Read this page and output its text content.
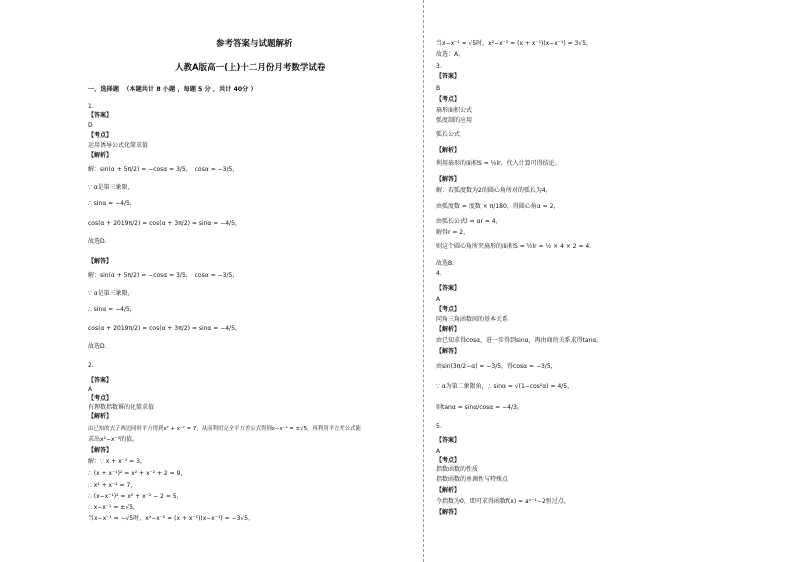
参考答案与试题解析
人教A版高一(上)十二月份月考数学试卷
一、选择题 （本题共计 8 小题 ，每题 5 分 ，共计 40分 ）
1.
【答案】
D
【考点】
运用诱导公式化简求值
【解析】
解：sin(α + 5π/2) = −cosα = 3/5，　cosα = −3/5，
∵ α是第三象限，
∴ sinα = −4/5，
cos(α + 2019π/2) = cos(α + 3π/2) = sinα = −4/5，
故选D.
【解答】
解：sin(α + 5π/2) = −cosα = 3/5，　cosα = −3/5，
∵ α是第三象限，
∴ sinα = −4/5，
cos(α + 2019π/2) = cos(α + 3π/2) = sinα = −4/5，
故选D.
2.
【答案】
A
【考点】
有理数指数幂的化简求值
【解析】
由已知的式子两边同时平方得到x² + x⁻² = 7，从而利用完全平方差公式得到x−x⁻¹ = ±√5，再利用平方差公式能
求出x²−x⁻²的值。
【解答】
解：∵ x + x⁻¹ = 3，
∴ (x + x⁻¹)² = x² + x⁻² + 2 = 9，
∴ x² + x⁻² = 7，
∴ (x−x⁻¹)² = x² + x⁻² − 2 = 5，
∴ x−x⁻¹ = ±√5，
当x−x⁻¹ = −√5时，x²−x⁻² = (x + x⁻¹)(x−x⁻¹) = −3√5，
当x−x⁻¹ = √5时，x²−x⁻² = (x + x⁻¹)(x−x⁻¹) = 3√5，
故选：A。
3.
【答案】
B
【考点】
扇形面积公式
弧度制的应用
弧长公式
【解析】
利用扇形的面积S = ½lr，代入计算可得结论。
【解答】
解：若弧度数为2的圆心角所对的弧长为4，
由弧度数 = 度数 × π/180，得圆心角α = 2，
由弧长公式l = αr = 4，
解得r = 2，
则这个圆心角所夹扇形的面积S = ½lr = ½ × 4 × 2 = 4.
故选B.
4.
【答案】
A
【考点】
同角三角函数间的基本关系
【解析】
由已知求得cosα，进一步得到sinα，再由商的关系求得tanα。
【解答】
由sin(3π/2−α) = −3/5，得cosα = −3/5，
∵ α为第二象限角，∴ sinα = √(1−cos²α) = 4/5，
则tanα = sinα/cosα = −4/3。
5.
【答案】
A
【考点】
指数函数的性质
指数函数的单调性与特殊点
【解析】
令指数为0，即可求得函数f(x) = aˣ⁻¹−2恒过点。
【解答】
